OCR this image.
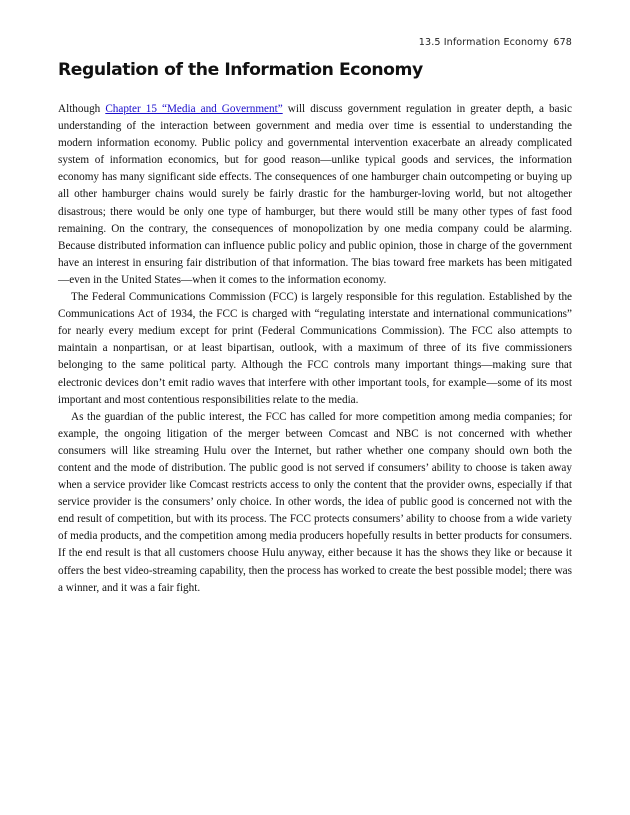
13.5 Information Economy 678
Regulation of the Information Economy

Although Chapter 15 “Media and Government” will discuss government regulation in greater depth, a basic understanding of the interaction between government and media over time is essential to understanding the modern information economy. Public policy and governmental intervention exacerbate an already complicated system of information economics, but for good reason—unlike typical goods and services, the information economy has many significant side effects. The consequences of one hamburger chain outcompeting or buying up all other hamburger chains would surely be fairly drastic for the hamburger-loving world, but not altogether disastrous; there would be only one type of hamburger, but there would still be many other types of fast food remaining. On the contrary, the consequences of monopolization by one media company could be alarming. Because distributed information can influence public policy and public opinion, those in charge of the government have an interest in ensuring fair distribution of that information. The bias toward free markets has been mitigated—even in the United States—when it comes to the information economy.

The Federal Communications Commission (FCC) is largely responsible for this regulation. Established by the Communications Act of 1934, the FCC is charged with “regulating interstate and international communications” for nearly every medium except for print (Federal Communications Commission). The FCC also attempts to maintain a nonpartisan, or at least bipartisan, outlook, with a maximum of three of its five commissioners belonging to the same political party. Although the FCC controls many important things—making sure that electronic devices don’t emit radio waves that interfere with other important tools, for example—some of its most important and most contentious responsibilities relate to the media.

As the guardian of the public interest, the FCC has called for more competition among media companies; for example, the ongoing litigation of the merger between Comcast and NBC is not concerned with whether consumers will like streaming Hulu over the Internet, but rather whether one company should own both the content and the mode of distribution. The public good is not served if consumers’ ability to choose is taken away when a service provider like Comcast restricts access to only the content that the provider owns, especially if that service provider is the consumers’ only choice. In other words, the idea of public good is concerned not with the end result of competition, but with its process. The FCC protects consumers’ ability to choose from a wide variety of media products, and the competition among media producers hopefully results in better products for consumers. If the end result is that all customers choose Hulu anyway, either because it has the shows they like or because it offers the best video-streaming capability, then the process has worked to create the best possible model; there was a winner, and it was a fair fight.
